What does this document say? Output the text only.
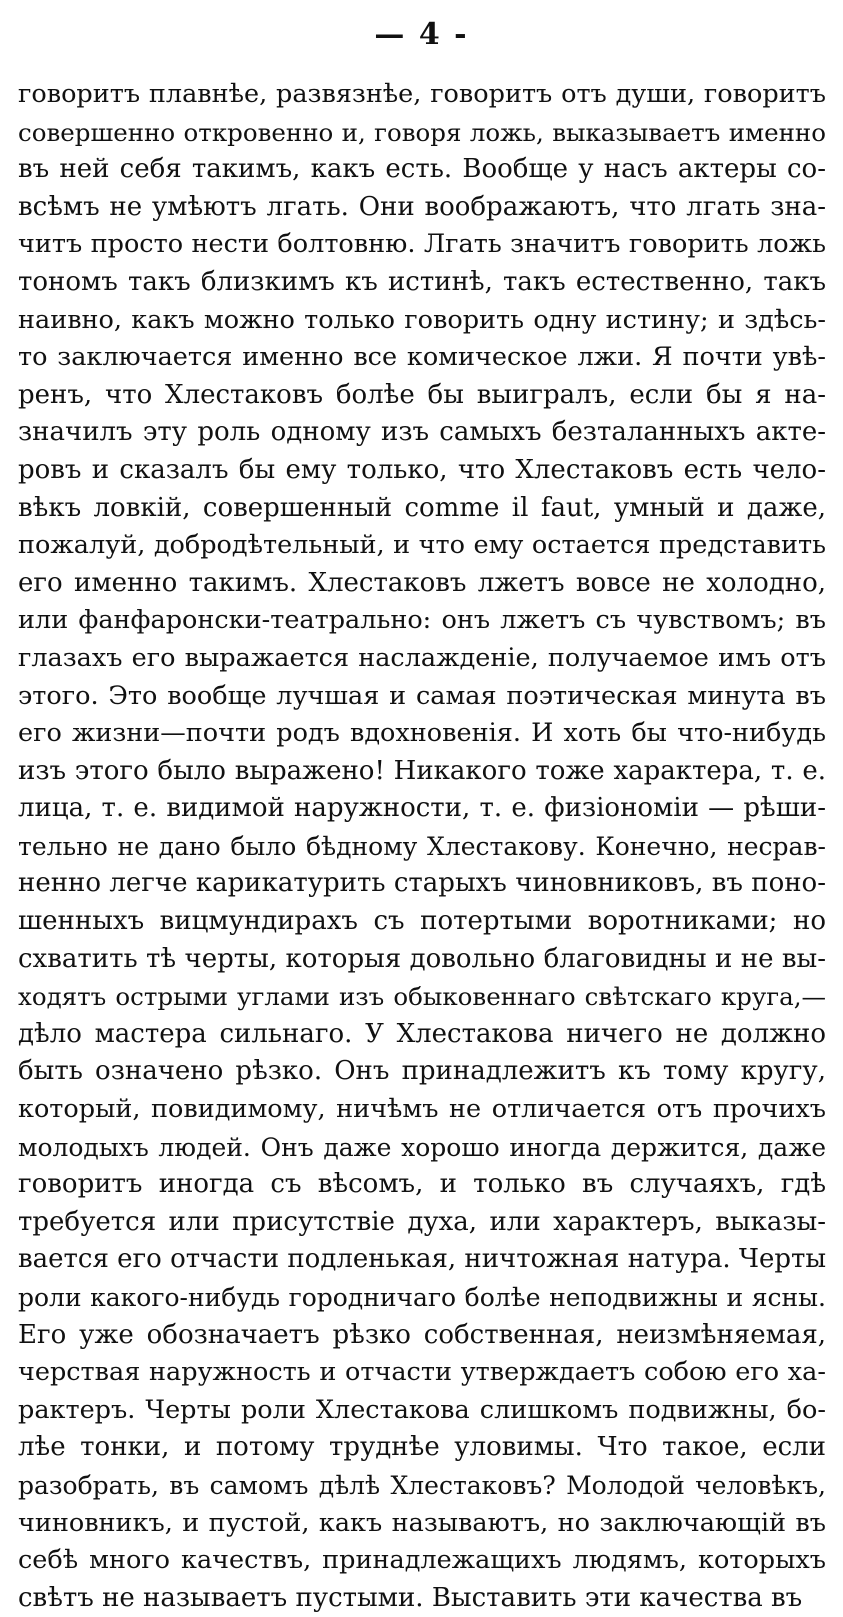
— 4 -
говоритъ плавнѣе, развязнѣе, говоритъ отъ души, говоритъ
совершенно откровенно и, говоря ложь, выказываетъ именно
въ ней себя такимъ, какъ есть. Вообще у насъ актеры со-
всѣмъ не умѣютъ лгать. Они воображаютъ, что лгать зна-
читъ просто нести болтовню. Лгать значитъ говорить ложь
тономъ такъ близкимъ къ истинѣ, такъ естественно, такъ
наивно, какъ можно только говорить одну истину; и здѣсь-
то заключается именно все комическое лжи. Я почти увѣ-
ренъ, что Хлестаковъ болѣе бы выигралъ, если бы я на-
значилъ эту роль одному изъ самыхъ безталанныхъ акте-
ровъ и сказалъ бы ему только, что Хлестаковъ есть чело-
вѣкъ ловкій, совершенный comme il faut, умный и даже,
пожалуй, добродѣтельный, и что ему остается представить
его именно такимъ. Хлестаковъ лжетъ вовсе не холодно,
или фанфаронски-театрально: онъ лжетъ съ чувствомъ; въ
глазахъ его выражается наслажденіе, получаемое имъ отъ
этого. Это вообще лучшая и самая поэтическая минута въ
его жизни—почти родъ вдохновенія. И хоть бы что-нибудь
изъ этого было выражено! Никакого тоже характера, т. е.
лица, т. е. видимой наружности, т. е. физіономіи — рѣши-
тельно не дано было бѣдному Хлестакову. Конечно, несрав-
ненно легче карикатурить старыхъ чиновниковъ, въ поно-
шенныхъ вицмундирахъ съ потертыми воротниками; но
схватить тѣ черты, которыя довольно благовидны и не вы-
ходятъ острыми углами изъ обыковеннаго свѣтскаго круга,—
дѣло мастера сильнаго. У Хлестакова ничего не должно
быть означено рѣзко. Онъ принадлежитъ къ тому кругу,
который, повидимому, ничѣмъ не отличается отъ прочихъ
молодыхъ людей. Онъ даже хорошо иногда держится, даже
говоритъ иногда съ вѣсомъ, и только въ случаяхъ, гдѣ
требуется или присутствіе духа, или характеръ, выказы-
вается его отчасти подленькая, ничтожная натура. Черты
роли какого-нибудь городничаго болѣе неподвижны и ясны.
Его уже обозначаетъ рѣзко собственная, неизмѣняемая,
черствая наружность и отчасти утверждаетъ собою его ха-
рактеръ. Черты роли Хлестакова слишкомъ подвижны, бо-
лѣе тонки, и потому труднѣе уловимы. Что такое, если
разобрать, въ самомъ дѣлѣ Хлестаковъ? Молодой человѣкъ,
чиновникъ, и пустой, какъ называютъ, но заключающій въ
себѣ много качествъ, принадлежащихъ людямъ, которыхъ
свѣтъ не называетъ пустыми. Выставить эти качества въ
